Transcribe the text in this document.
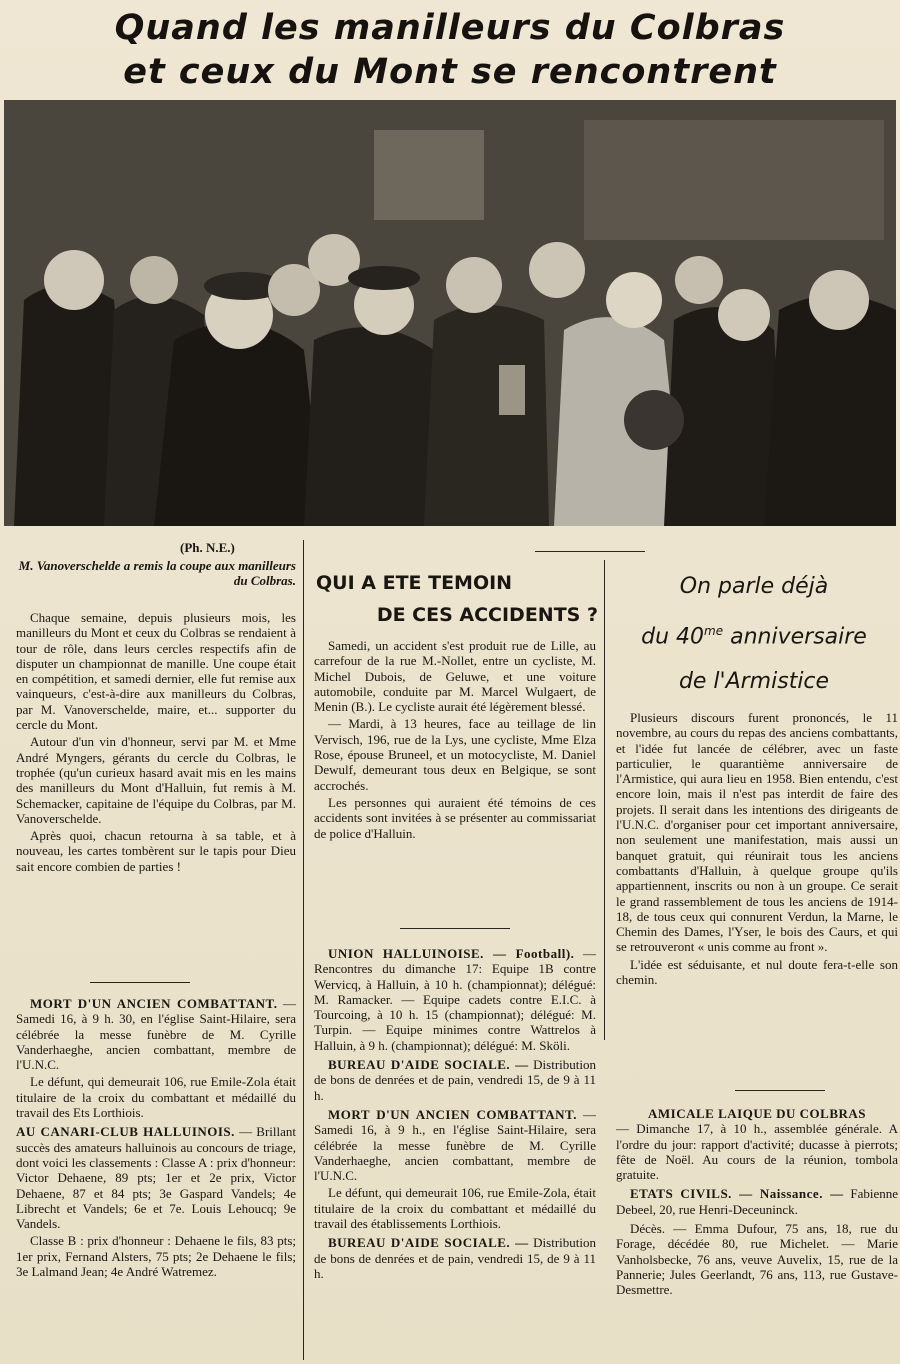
Quand les manilleurs du Colbras
et ceux du Mont se rencontrent
(Ph. N.E.)
M. Vanoverschelde a remis la coupe aux manilleurs du Colbras.

Chaque semaine, depuis plusieurs mois, les manilleurs du Mont et ceux du Colbras se rendaient à tour de rôle, dans leurs cercles respectifs afin de disputer un championnat de manille. Une coupe était en compétition, et samedi dernier, elle fut remise aux vainqueurs, c'est-à-dire aux manilleurs du Colbras, par M. Vanoverschelde, maire, et... supporter du cercle du Mont.

Autour d'un vin d'honneur, servi par M. et Mme André Myngers, gérants du cercle du Colbras, le trophée (qu'un curieux hasard avait mis en les mains des manilleurs du Mont d'Halluin, fut remis à M. Schemacker, capitaine de l'équipe du Colbras, par M. Vanoverschelde.

Après quoi, chacun retourna à sa table, et à nouveau, les cartes tombèrent sur le tapis pour Dieu sait encore combien de parties !

MORT D'UN ANCIEN COMBATTANT. — Samedi 16, à 9 h. 30, en l'église Saint-Hilaire, sera célébrée la messe funèbre de M. Cyrille Vanderhaeghe, ancien combattant, membre de l'U.N.C.

Le défunt, qui demeurait 106, rue Emile-Zola était titulaire de la croix du combattant et médaillé du travail des Ets Lorthiois.

AU CANARI-CLUB HALLUINOIS. — Brillant succès des amateurs halluinois au concours de triage, dont voici les classements : Classe A : prix d'honneur: Victor Dehaene, 89 pts; 1er et 2e prix, Victor Dehaene, 87 et 84 pts; 3e Gaspard Vandels; 4e Librecht et Vandels; 6e et 7e. Louis Lehoucq; 9e Vandels.

Classe B : prix d'honneur : Dehaene le fils, 83 pts; 1er prix, Fernand Alsters, 75 pts; 2e Dehaene le fils; 3e Lalmand Jean; 4e André Watremez.

QUI A ETE TEMOIN
DE CES ACCIDENTS ?

Samedi, un accident s'est produit rue de Lille, au carrefour de la rue M.-Nollet, entre un cycliste, M. Michel Dubois, de Geluwe, et une voiture automobile, conduite par M. Marcel Wulgaert, de Menin (B.). Le cycliste aurait été légèrement blessé.

— Mardi, à 13 heures, face au teillage de lin Vervisch, 196, rue de la Lys, une cycliste, Mme Elza Rose, épouse Bruneel, et un motocycliste, M. Daniel Dewulf, demeurant tous deux en Belgique, se sont accrochés.

Les personnes qui auraient été témoins de ces accidents sont invitées à se présenter au commissariat de police d'Halluin.

UNION HALLUINOISE. — Football). — Rencontres du dimanche 17: Equipe 1B contre Wervicq, à Halluin, à 10 h. (championnat); délégué: M. Ramacker. — Equipe cadets contre E.I.C. à Tourcoing, à 10 h. 15 (championnat); délégué: M. Turpin. — Equipe minimes contre Wattrelos à Halluin, à 9 h. (championnat); délégué: M. Sköli.

BUREAU D'AIDE SOCIALE. — Distribution de bons de denrées et de pain, vendredi 15, de 9 à 11 h.

MORT D'UN ANCIEN COMBATTANT. — Samedi 16, à 9 h., en l'église Saint-Hilaire, sera célébrée la messe funèbre de M. Cyrille Vanderhaeghe, ancien combattant, membre de l'U.N.C.

Le défunt, qui demeurait 106, rue Emile-Zola, était titulaire de la croix du combattant et médaillé du travail des établissements Lorthiois.

BUREAU D'AIDE SOCIALE. — Distribution de bons de denrées et de pain, vendredi 15, de 9 à 11 h.

On parle déjà
du $40^{me}$ anniversaire
de l'Armistice

Plusieurs discours furent prononcés, le 11 novembre, au cours du repas des anciens combattants, et l'idée fut lancée de célébrer, avec un faste particulier, le quarantième anniversaire de l'Armistice, qui aura lieu en 1958. Bien entendu, c'est encore loin, mais il n'est pas interdit de faire des projets. Il serait dans les intentions des dirigeants de l'U.N.C. d'organiser pour cet important anniversaire, non seulement une manifestation, mais aussi un banquet gratuit, qui réunirait tous les anciens combattants d'Halluin, à quelque groupe qu'ils appartiennent, inscrits ou non à un groupe. Ce serait le grand rassemblement de tous les anciens de 1914-18, de tous ceux qui connurent Verdun, la Marne, le Chemin des Dames, l'Yser, le bois des Caurs, et qui se retrouveront « unis comme au front ».

L'idée est séduisante, et nul doute fera-t-elle son chemin.

AMICALE LAIQUE DU COLBRAS
— Dimanche 17, à 10 h., assemblée générale. A l'ordre du jour: rapport d'activité; ducasse à pierrots; fête de Noël. Au cours de la réunion, tombola gratuite.

ETATS CIVILS. — Naissance. — Fabienne Debeel, 20, rue Henri-Deceuninck.

Décès. — Emma Dufour, 75 ans, 18, rue du Forage, décédée 80, rue Michelet. — Marie Vanholsbecke, 76 ans, veuve Auvelix, 15, rue de la Pannerie; Jules Geerlandt, 76 ans, 113, rue Gustave-Desmettre.
